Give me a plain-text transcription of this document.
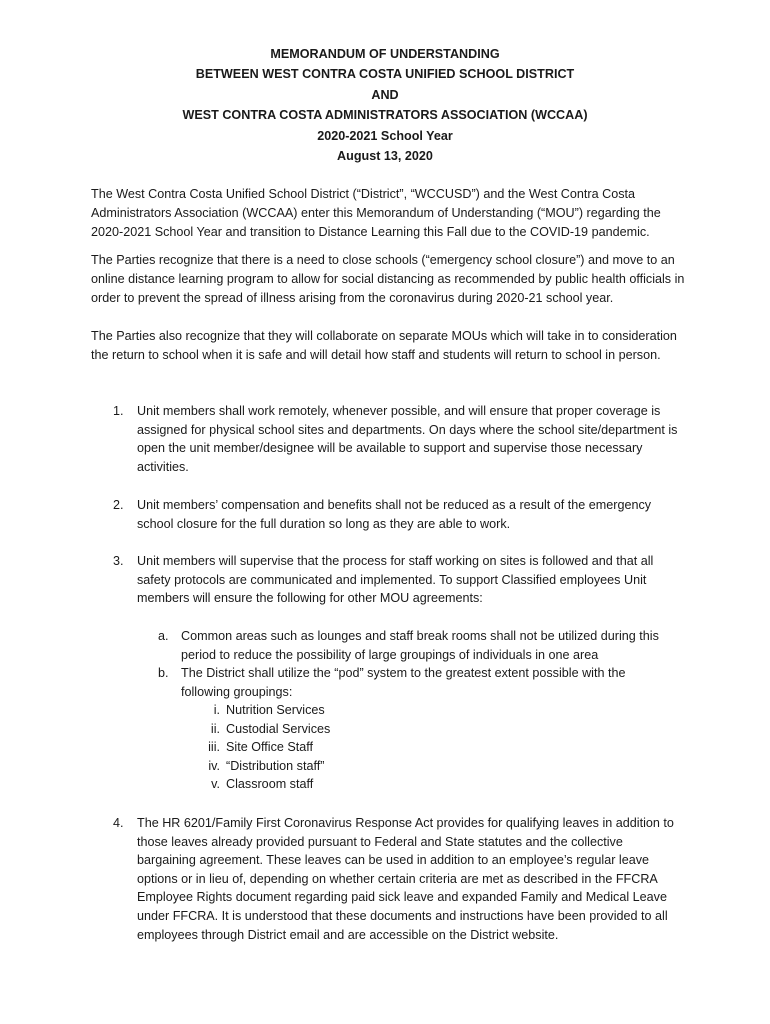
MEMORANDUM OF UNDERSTANDING
BETWEEN WEST CONTRA COSTA UNIFIED SCHOOL DISTRICT
AND
WEST CONTRA COSTA ADMINISTRATORS ASSOCIATION (WCCAA)
2020-2021 School Year
August 13, 2020

The West Contra Costa Unified School District (“District”, “WCCUSD”) and the West Contra Costa Administrators Association (WCCAA) enter this Memorandum of Understanding (“MOU”) regarding the 2020-2021 School Year and transition to Distance Learning this Fall due to the COVID-19 pandemic.

The Parties recognize that there is a need to close schools (“emergency school closure”) and move to an online distance learning program to allow for social distancing as recommended by public health officials in order to prevent the spread of illness arising from the coronavirus during 2020-21 school year.

The Parties also recognize that they will collaborate on separate MOUs which will take in to consideration the return to school when it is safe and will detail how staff and students will return to school in person.

1. Unit members shall work remotely, whenever possible, and will ensure that proper coverage is assigned for physical school sites and departments. On days where the school site/department is open the unit member/designee will be available to support and supervise those necessary activities.

2. Unit members’ compensation and benefits shall not be reduced as a result of the emergency school closure for the full duration so long as they are able to work.

3. Unit members will supervise that the process for staff working on sites is followed and that all safety protocols are communicated and implemented. To support Classified employees Unit members will ensure the following for other MOU agreements:

a. Common areas such as lounges and staff break rooms shall not be utilized during this period to reduce the possibility of large groupings of individuals in one area

b. The District shall utilize the “pod” system to the greatest extent possible with the following groupings:

i. Nutrition Services
ii. Custodial Services
iii. Site Office Staff
iv. “Distribution staff”
v. Classroom staff
4. The HR 6201/Family First Coronavirus Response Act provides for qualifying leaves in addition to those leaves already provided pursuant to Federal and State statutes and the collective bargaining agreement. These leaves can be used in addition to an employee’s regular leave options or in lieu of, depending on whether certain criteria are met as described in the FFCRA Employee Rights document regarding paid sick leave and expanded Family and Medical Leave under FFCRA. It is understood that these documents and instructions have been provided to all employees through District email and are accessible on the District website.
